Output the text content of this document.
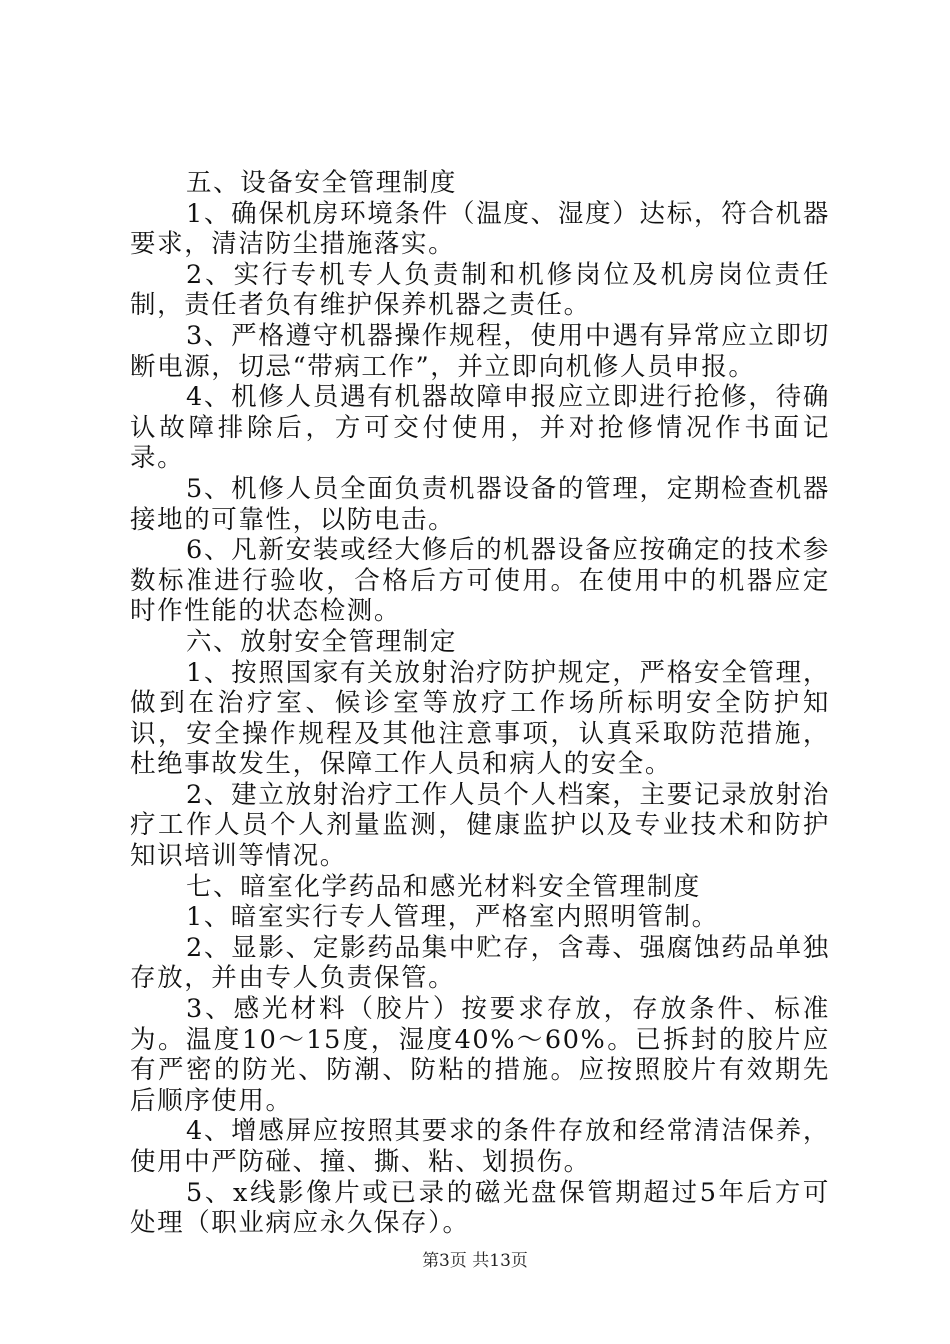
五、设备安全管理制度

1、确保机房环境条件（温度、湿度）达标，符合机器要求，清洁防尘措施落实。

2、实行专机专人负责制和机修岗位及机房岗位责任制，责任者负有维护保养机器之责任。

3、严格遵守机器操作规程，使用中遇有异常应立即切断电源，切忌“带病工作”，并立即向机修人员申报。

4、机修人员遇有机器故障申报应立即进行抢修，待确认故障排除后，方可交付使用，并对抢修情况作书面记录。

5、机修人员全面负责机器设备的管理，定期检查机器接地的可靠性，以防电击。

6、凡新安装或经大修后的机器设备应按确定的技术参数标准进行验收，合格后方可使用。在使用中的机器应定时作性能的状态检测。

六、放射安全管理制定

1、按照国家有关放射治疗防护规定，严格安全管理，做到在治疗室、候诊室等放疗工作场所标明安全防护知识，安全操作规程及其他注意事项，认真采取防范措施，杜绝事故发生，保障工作人员和病人的安全。

2、建立放射治疗工作人员个人档案，主要记录放射治疗工作人员个人剂量监测，健康监护以及专业技术和防护知识培训等情况。

七、暗室化学药品和感光材料安全管理制度

1、暗室实行专人管理，严格室内照明管制。

2、显影、定影药品集中贮存，含毒、强腐蚀药品单独存放，并由专人负责保管。

3、感光材料（胶片）按要求存放，存放条件、标准为。温度10～15度，湿度40%～60%。已拆封的胶片应有严密的防光、防潮、防粘的措施。应按照胶片有效期先后顺序使用。

4、增感屏应按照其要求的条件存放和经常清洁保养，使用中严防碰、撞、撕、粘、划损伤。

5、x线影像片或已录的磁光盘保管期超过5年后方可处理（职业病应永久保存）。

第3页 共13页
